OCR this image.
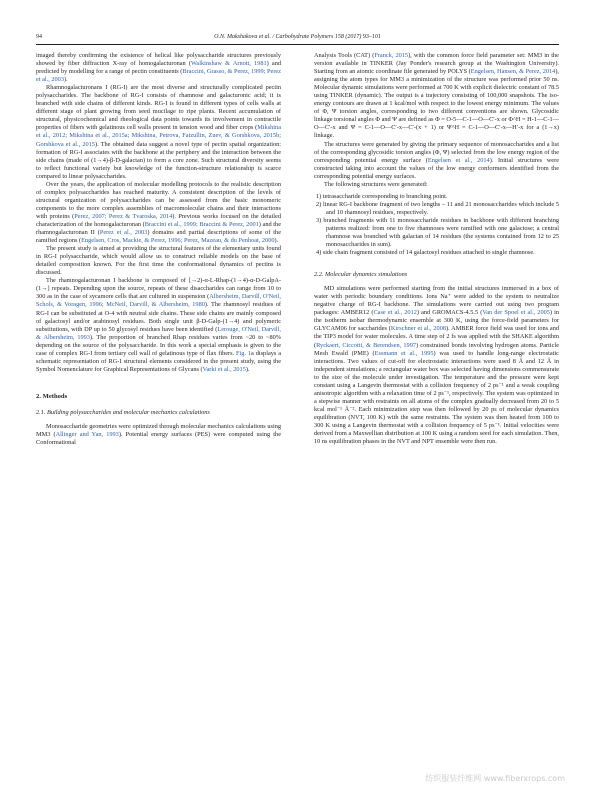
94	O.N. Makshakova et al. / Carbohydrate Polymers 158 (2017) 93–101

imaged thereby confirming the existence of helical like polysaccharide structures previously showed by fiber diffraction X-ray of homogalacturonan (Walkinshaw & Arnott, 1981) and predicted by modelling for a range of pectin constituents (Braccini, Grasso, & Perez, 1999; Perez et al., 2003).

Rhamnogalacturonans I (RG-I) are the most diverse and structurally complicated pectin polysaccharides. The backbone of RG-I consists of rhamnose and galacturonic acid; it is branched with side chains of different kinds. RG-I is found in different types of cells walls at different stage of plant growing from seed mucilage to ripe plants. Recent accumulation of structural, physicochemical and rheological data points towards its involvement in contractile properties of fibers with gelatinous cell walls present in tension wood and fiber crops (Mikshina et al., 2012; Mikshina et al., 2015a; Mikshina, Petrova, Faizullin, Zuev, & Gorshkova, 2015b; Gorshkova et al., 2015). The obtained data suggest a novel type of pectin spatial organization: formation of RG-I associates with the backbone at the periphery and the interaction between the side chains (made of (1→4)-β-D-galactan) to form a core zone. Such structural diversity seems to reflect functional variety but knowledge of the function-structure relationship is scarce compared to linear polysaccharides.

Over the years, the application of molecular modelling protocols to the realistic description of complex polysaccharides has reached maturity. A consistent description of the levels of structural organization of polysaccharides can be assessed from the basic monomeric components to the more complex assemblies of macromolecular chains and their interactions with proteins (Perez, 2007; Perez & Tvaroska, 2014). Previous works focused on the detailed characterization of the homogalacturonan (Braccini et al., 1999; Braccini & Perez, 2001) and the rhamnogalacturonan II (Perez et al., 2003) domains and partial descriptions of some of the ramified regions (Engelsen, Cros, Mackie, & Perez, 1996; Perez, Mazeau, & du Penhoat, 2000).

The present study is aimed at providing the structural features of the elementary units found in RG-I polysaccharide, which would allow us to construct reliable models on the base of detailed composition known. For the first time the conformational dynamics of pectins is discussed.

The rhamnogalacturonan I backbone is composed of [→2)-α-L-Rhap-(1→4)-α-D-GalpA-(1→] repeats. Depending upon the source, repeats of these disaccharides can range from 10 to 300 as in the case of sycamore cells that are cultured in suspension (Albersheim, Darvill, O'Neil, Schols, & Voragen, 1996; McNeil, Darvill, & Albersheim, 1980). The rhamnosyl residues of RG-I can be substituted at O-4 with neutral side chains. These side chains are mainly composed of galactosyl and/or arabinosyl residues. Both single unit β-D-Galp-(1→4) and polymeric substitutions, with DP up to 50 glycosyl residues have been identified (Lerouge, O'Neil, Darvill, & Albersheim, 1993). The proportion of branched Rhap residues varies from ~20 to ~80% depending on the source of the polysaccharide. In this work a special emphasis is given to the case of complex RG-I from tertiary cell wall of gelatinous type of flax fibers. Fig. 1a displays a schematic representation of RG-I structural elements considered in the present study, using the Symbol Nomenclature for Graphical Representations of Glycans (Varki et al., 2015).

2. Methods
2.1. Building polysaccharides and molecular mechanics calculations

Monosaccharide geometries were optimized through molecular mechanics calculations using MM3 (Allinger and Yan, 1993). Potential energy surfaces (PES) were computed using the Conformational

Analysis Tools (CAT) (Franck, 2015), with the common force field parameter set: MM3 in the version available in TINKER (Jay Ponder's research group at the Washington University). Starting from an atomic coordinate file generated by POLYS (Engelsen, Hansen, & Perez, 2014), assigning the atom types for MM3 a minimization of the structure was performed prior 50 ns. Molecular dynamic simulations were performed at 700 K with explicit dielectric constant of 78.5 using TINKER (dynamic). The output is a trajectory consisting of 100,000 snapshots. The iso-energy contours are drawn at 1 kcal/mol with respect to the lowest energy minimum. The values of Φ, Ψ torsion angles, corresponding to two different conventions are shown. Glycosidic linkage torsional angles Φ and Ψ are defined as Φ = O-5—C-1—O—C′-x or Φ^H = H-1—C-1—O—C′-x and Ψ = C-1—O—C′-x—C′-(x + 1) or Ψ^H = C-1—O—C′-x—H′-x for a (1→x) linkage.

The structures were generated by giving the primary sequence of monosaccharides and a list of the corresponding glycosidic torsion angles (Φ, Ψ) selected from the low energy region of the corresponding potential energy surface (Engelsen et al., 2014). Initial structures were constructed taking into account the values of the low energy conformers identified from the corresponding potential energy surfaces.

The following structures were generated:

1) tetrasaccharide corresponding to branching point.
2) linear RG-I backbone fragment of two lengths – 11 and 21 monosaccharides which include 5 and 10 rhamnosyl residues, respectively.
3) branched fragments with 11 monosaccharide residues in backbone with different branching patterns realized: from one to five rhamnoses were ramified with one galactose; a central rhamnose was branched with galactan of 14 residues (the systems contained from 12 to 25 monosaccharides in sum).
4) side chain fragment consisted of 14 galactosyl residues attached to single rhamnose.
2.2. Molecular dynamics simulations

MD simulations were performed starting from the initial structures immersed in a box of water with periodic boundary conditions. Ions Na⁺ were added to the system to neutralize negative charge of RG-I backbone. The simulations were carried out using two program packages: AMBER12 (Case et al., 2012) and GROMACS-4.5.5 (Van der Spoel et al., 2005) in the isotherm isobar thermodynamic ensemble at 300 K, using the force-field parameters for GLYCAM06 for saccharides (Kirschner et al., 2008). AMBER force field was used for ions and the TIP3 model for water molecules. A time step of 2 fs was applied with the SHAKE algorithm (Ryckaert, Ciccotti, & Berendsen, 1997) constrained bonds involving hydrogen atoms. Particle Mesh Ewald (PME) (Essmann et al., 1995) was used to handle long-range electrostatic interactions. Two values of cut-off for electrostatic interactions were used 8 Å and 12 Å in independent simulations; a rectangular water box was selected having dimensions commensurate to the size of the molecule under investigation. The temperature and the pressure were kept constant using a Langevin thermostat with a collision frequency of 2 ps⁻¹ and a weak coupling anisotropic algorithm with a relaxation time of 2 ps⁻¹, respectively. The system was optimized in a stepwise manner with restraints on all atoms of the complex gradually decreased from 20 to 5 kcal mol⁻¹ Å⁻². Each minimization step was then followed by 20 ps of molecular dynamics equilibration (NVT, 100 K) with the same restraints. The system was then heated from 100 to 300 K using a Langevin thermostat with a collision frequency of 5 ps⁻¹. Initial velocities were derived from a Maxwellian distribution at 100 K using a random seed for each simulation. Then, 10 ns equilibration phases in the NVT and NPT ensemble were then run.

纺织服装纤维网 www.fiberxrops.com
